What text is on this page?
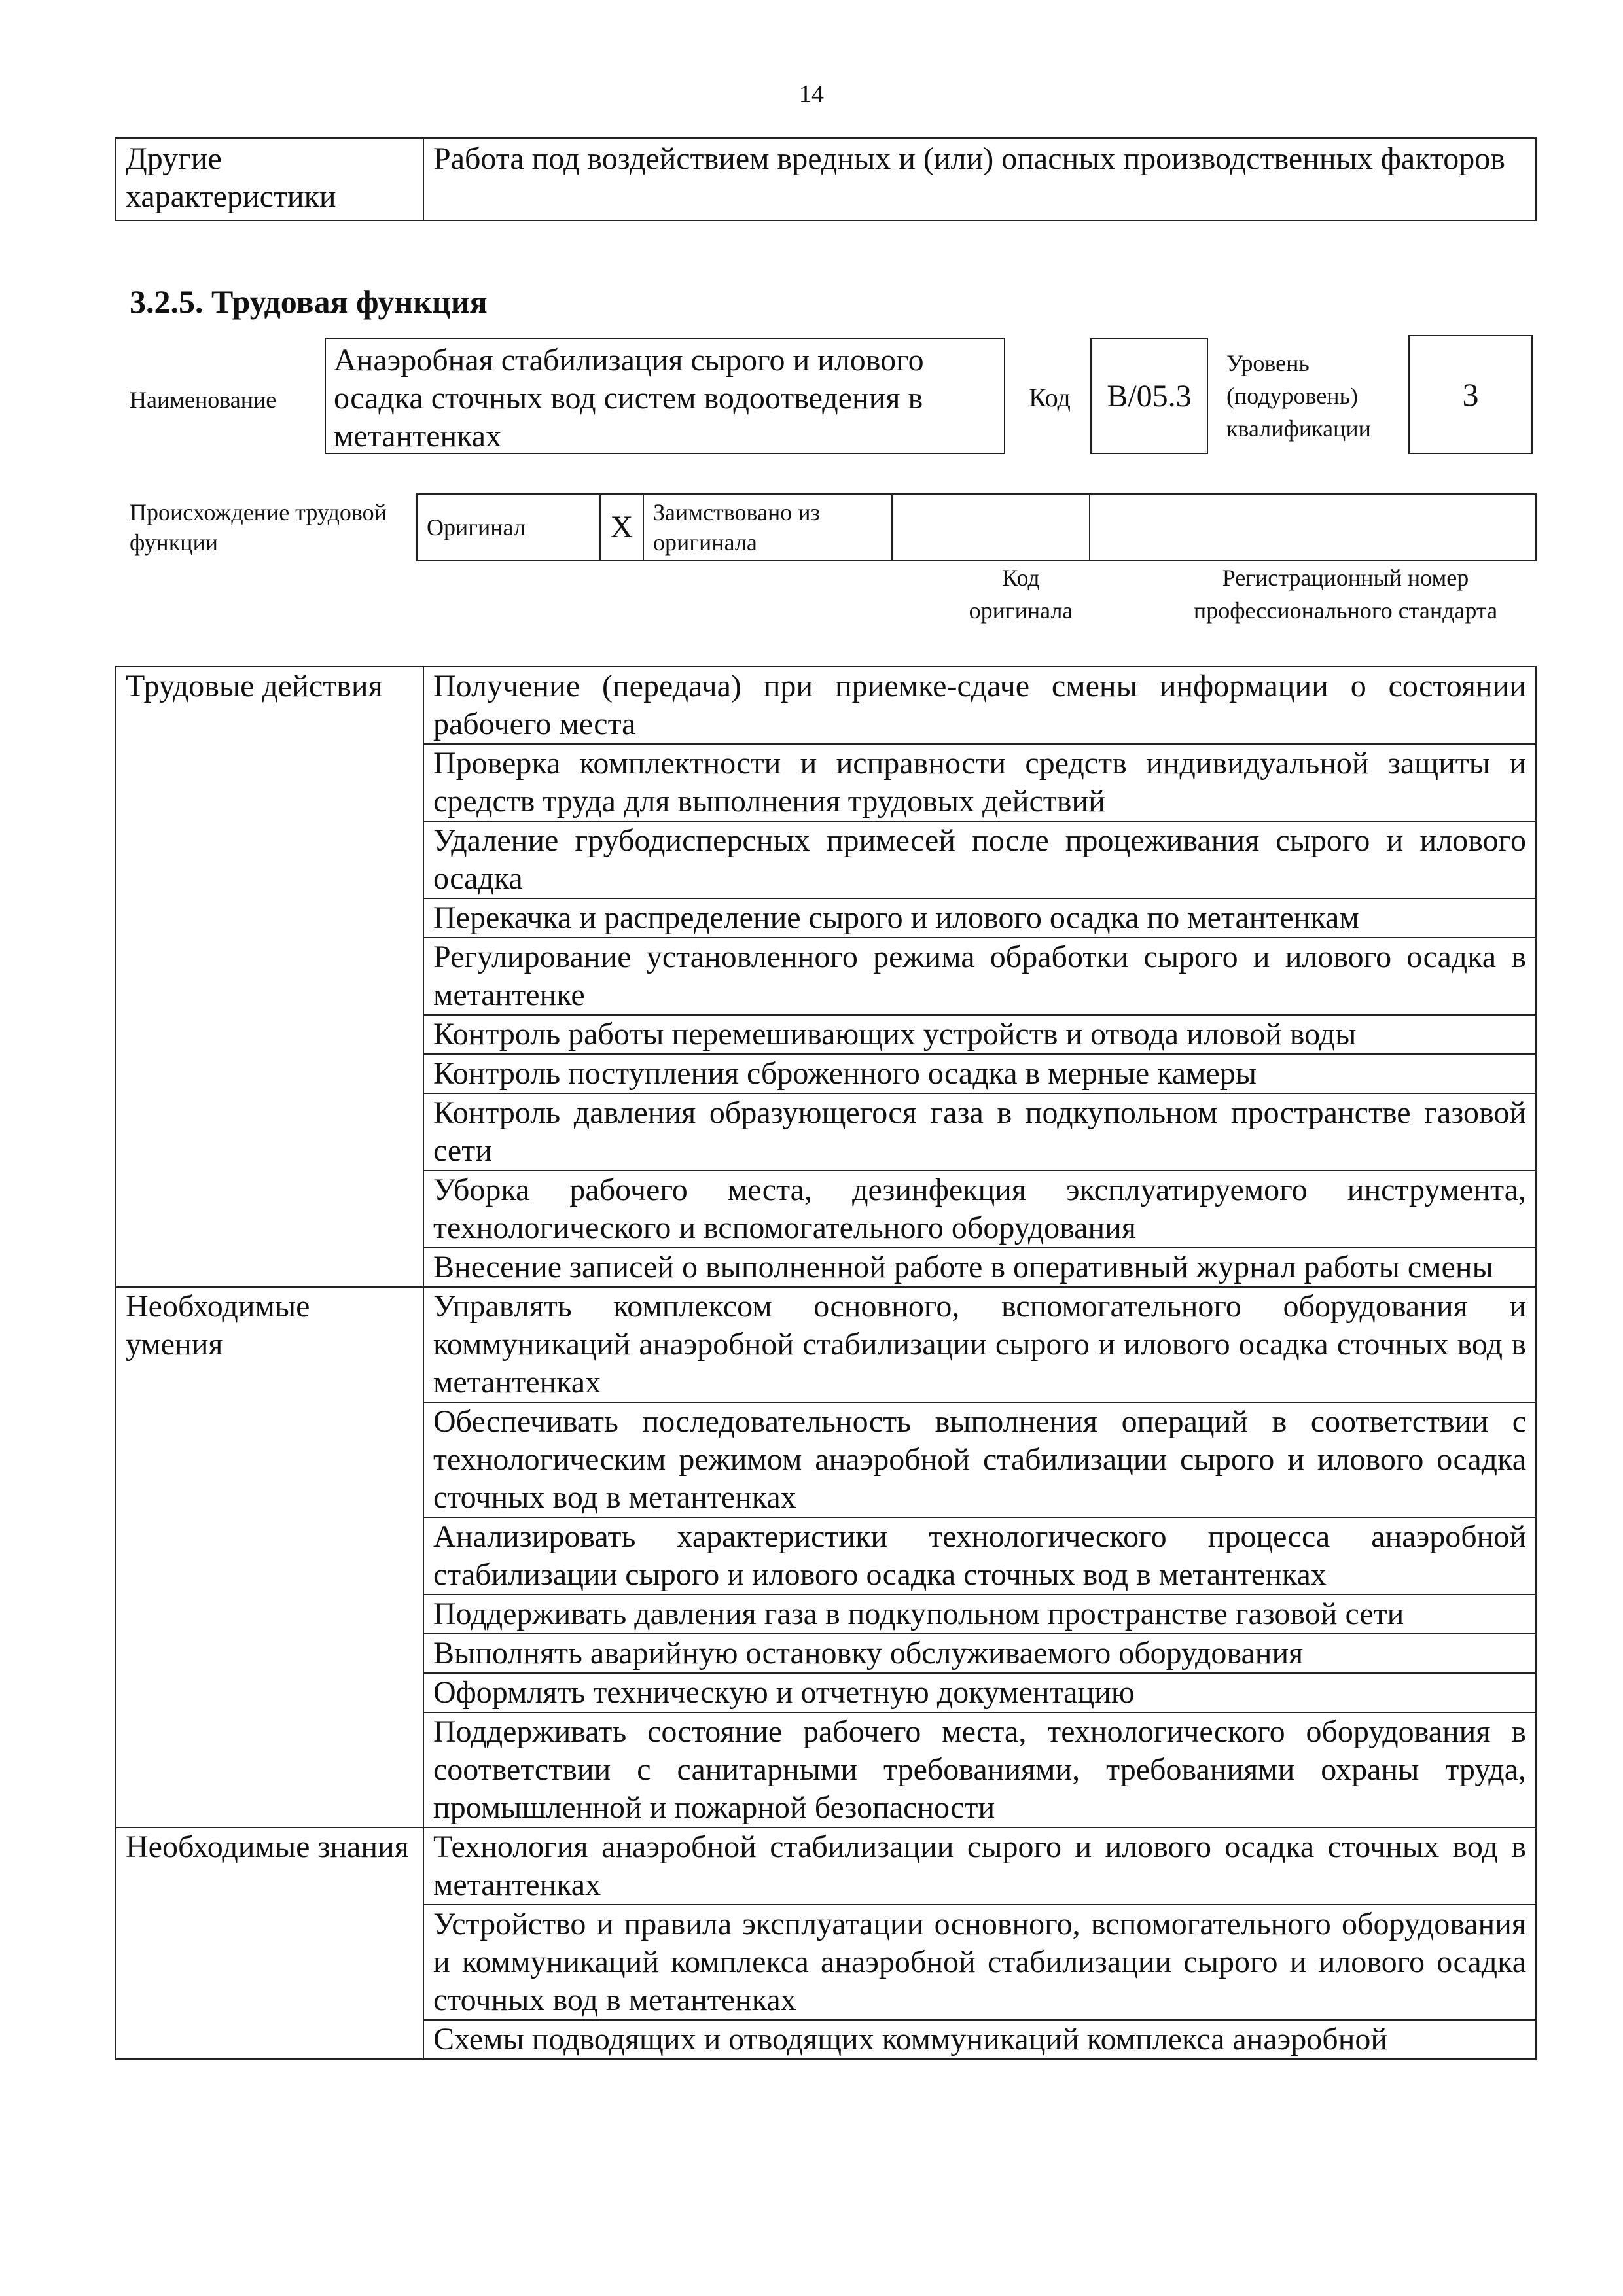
14
Другие характеристики	Работа под воздействием вредных и (или) опасных производственных факторов
3.2.5. Трудовая функция
Наименование
Анаэробная стабилизация сырого и илового осадка сточных вод систем водоотведения в метантенках
Код	B/05.3
Уровень (подуровень) квалификации
3
Происхождение трудовой функции
Оригинал	X	Заимствовано из оригинала		
Код оригинала
Регистрационный номер профессионального стандарта
Трудовые действия	Получение (передача) при приемке-сдаче смены информации о состоянии рабочего места
	Проверка комплектности и исправности средств индивидуальной защиты и средств труда для выполнения трудовых действий
	Удаление грубодисперсных примесей после процеживания сырого и илового осадка
	Перекачка и распределение сырого и илового осадка по метантенкам
	Регулирование установленного режима обработки сырого и илового осадка в метантенке
	Контроль работы перемешивающих устройств и отвода иловой воды
	Контроль поступления сброженного осадка в мерные камеры
	Контроль давления образующегося газа в подкупольном пространстве газовой сети
	Уборка рабочего места, дезинфекция эксплуатируемого инструмента, технологического и вспомогательного оборудования
	Внесение записей о выполненной работе в оперативный журнал работы смены
Необходимые умения	Управлять комплексом основного, вспомогательного оборудования и коммуникаций анаэробной стабилизации сырого и илового осадка сточных вод в метантенках
	Обеспечивать последовательность выполнения операций в соответствии с технологическим режимом анаэробной стабилизации сырого и илового осадка сточных вод в метантенках
	Анализировать характеристики технологического процесса анаэробной стабилизации сырого и илового осадка сточных вод в метантенках
	Поддерживать давления газа в подкупольном пространстве газовой сети
	Выполнять аварийную остановку обслуживаемого оборудования
	Оформлять техническую и отчетную документацию
	Поддерживать состояние рабочего места, технологического оборудования в соответствии с санитарными требованиями, требованиями охраны труда, промышленной и пожарной безопасности
Необходимые знания	Технология анаэробной стабилизации сырого и илового осадка сточных вод в метантенках
	Устройство и правила эксплуатации основного, вспомогательного оборудования и коммуникаций комплекса анаэробной стабилизации сырого и илового осадка сточных вод в метантенках
	Схемы подводящих и отводящих коммуникаций комплекса анаэробной
